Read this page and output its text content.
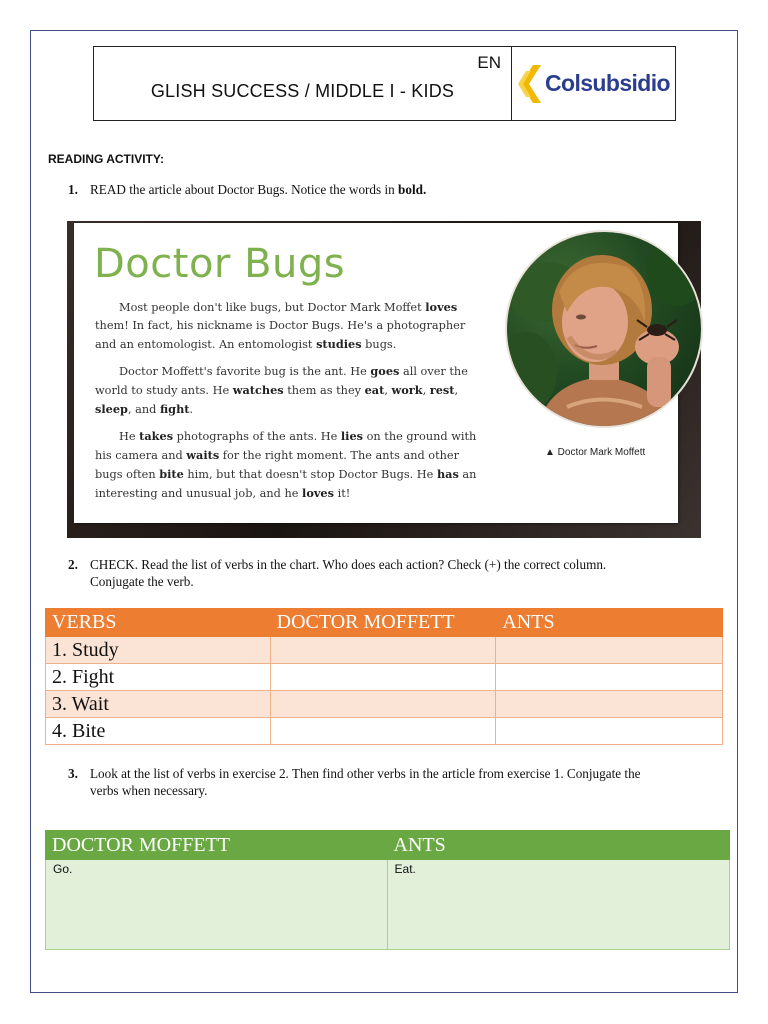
EN
GLISH SUCCESS / MIDDLE I - KIDS	Colsubsidio
READING ACTIVITY:
1. READ the article about Doctor Bugs. Notice the words in bold.
Doctor Bugs

Most people don't like bugs, but Doctor Mark Moffet loves them! In fact, his nickname is Doctor Bugs. He's a photographer and an entomologist. An entomologist studies bugs.

Doctor Moffett's favorite bug is the ant. He goes all over the world to study ants. He watches them as they eat, work, rest, sleep, and fight.

He takes photographs of the ants. He lies on the ground with his camera and waits for the right moment. The ants and other bugs often bite him, but that doesn't stop Doctor Bugs. He has an interesting and unusual job, and he loves it!

▲ Doctor Mark Moffett
2. CHECK. Read the list of verbs in the chart. Who does each action? Check (+) the correct column.
Conjugate the verb.
VERBS	DOCTOR MOFFETT	ANTS
1. Study		
2. Fight		
3. Wait		
4. Bite		
3. Look at the list of verbs in exercise 2. Then find other verbs in the article from exercise 1. Conjugate the
verbs when necessary.
DOCTOR MOFFETT	ANTS
Go.	Eat.
